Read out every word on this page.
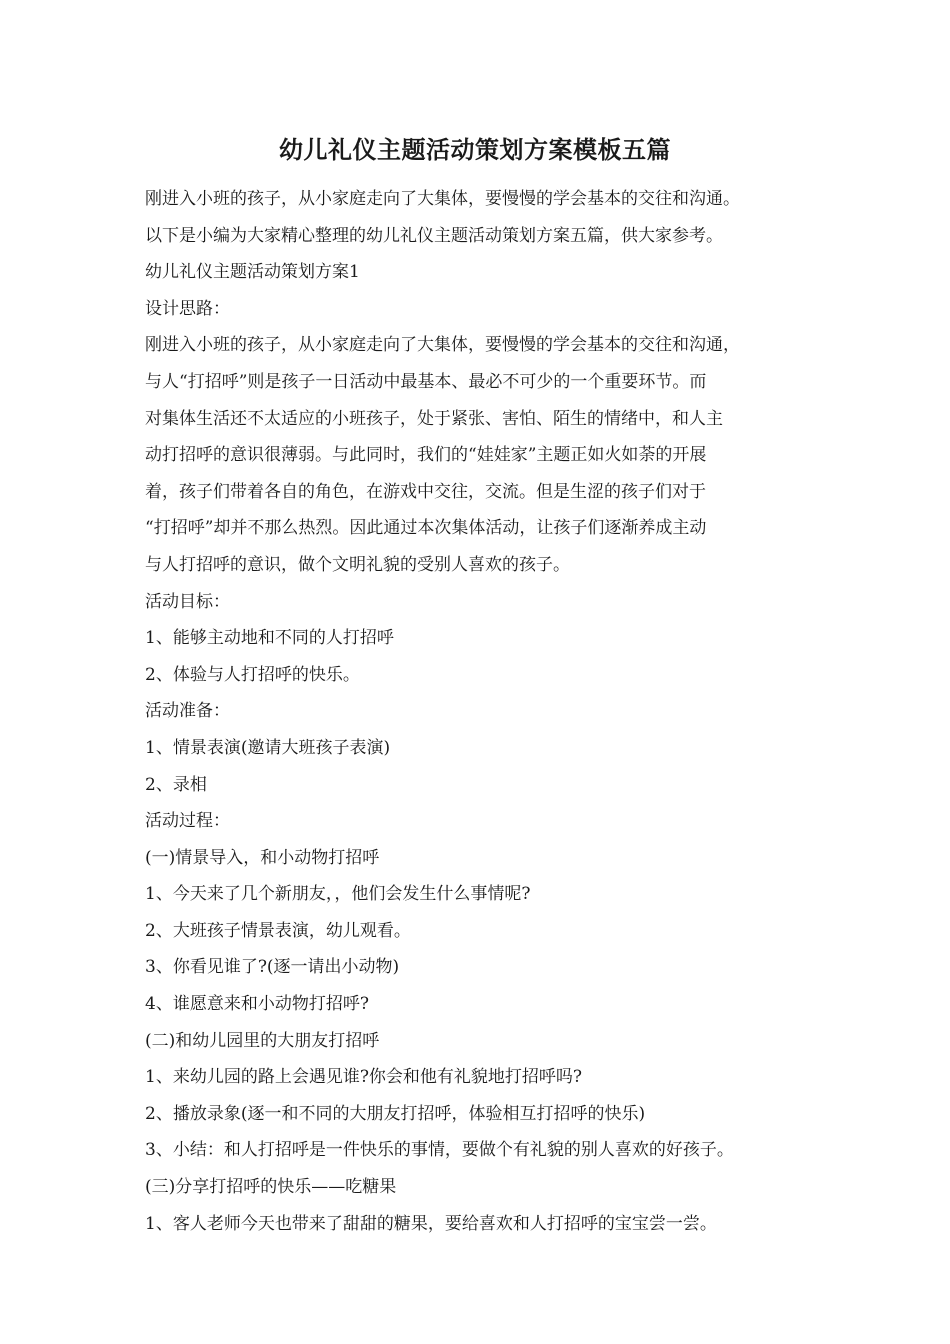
幼儿礼仪主题活动策划方案模板五篇

刚进入小班的孩子，从小家庭走向了大集体，要慢慢的学会基本的交往和沟通。

以下是小编为大家精心整理的幼儿礼仪主题活动策划方案五篇，供大家参考。

幼儿礼仪主题活动策划方案1

设计思路：

刚进入小班的孩子，从小家庭走向了大集体，要慢慢的学会基本的交往和沟通，

与人“打招呼”则是孩子一日活动中最基本、最必不可少的一个重要环节。而

对集体生活还不太适应的小班孩子，处于紧张、害怕、陌生的情绪中，和人主

动打招呼的意识很薄弱。与此同时，我们的“娃娃家”主题正如火如荼的开展

着，孩子们带着各自的角色，在游戏中交往，交流。但是生涩的孩子们对于

“打招呼”却并不那么热烈。因此通过本次集体活动，让孩子们逐渐养成主动

与人打招呼的意识，做个文明礼貌的受别人喜欢的孩子。

活动目标：

1、能够主动地和不同的人打招呼

2、体验与人打招呼的快乐。

活动准备：

1、情景表演(邀请大班孩子表演)

2、录相

活动过程：

(一)情景导入，和小动物打招呼

1、今天来了几个新朋友，，他们会发生什么事情呢?

2、大班孩子情景表演，幼儿观看。

3、你看见谁了?(逐一请出小动物)

4、谁愿意来和小动物打招呼?

(二)和幼儿园里的大朋友打招呼

1、来幼儿园的路上会遇见谁?你会和他有礼貌地打招呼吗?

2、播放录象(逐一和不同的大朋友打招呼，体验相互打招呼的快乐)

3、小结：和人打招呼是一件快乐的事情，要做个有礼貌的别人喜欢的好孩子。

(三)分享打招呼的快乐——吃糖果

1、客人老师今天也带来了甜甜的糖果，要给喜欢和人打招呼的宝宝尝一尝。
